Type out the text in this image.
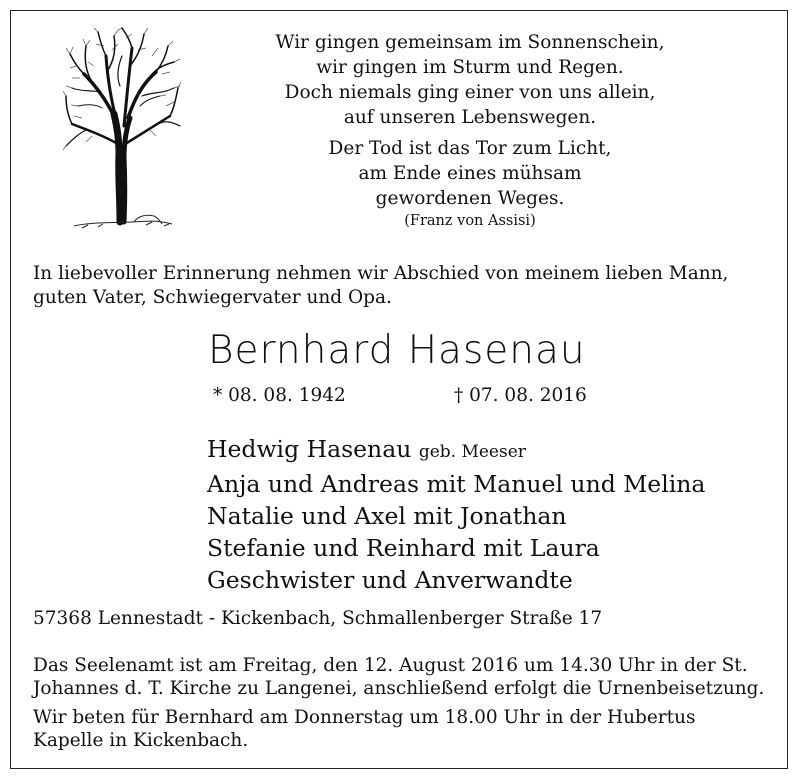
Wir gingen gemeinsam im Sonnenschein,
wir gingen im Sturm und Regen.
Doch niemals ging einer von uns allein,
auf unseren Lebenswegen.
Der Tod ist das Tor zum Licht,
am Ende eines mühsam
gewordenen Weges.
(Franz von Assisi)
In liebevoller Erinnerung nehmen wir Abschied von meinem lieben Mann,
guten Vater, Schwiegervater und Opa.
Bernhard Hasenau
* 08. 08. 1942	† 07. 08. 2016
Hedwig Hasenau geb. Meeser
Anja und Andreas mit Manuel und Melina
Natalie und Axel mit Jonathan
Stefanie und Reinhard mit Laura
Geschwister und Anverwandte
57368 Lennestadt - Kickenbach, Schmallenberger Straße 17
Das Seelenamt ist am Freitag, den 12. August 2016 um 14.30 Uhr in der St.
Johannes d. T. Kirche zu Langenei, anschließend erfolgt die Urnenbeisetzung.
Wir beten für Bernhard am Donnerstag um 18.00 Uhr in der Hubertus
Kapelle in Kickenbach.
